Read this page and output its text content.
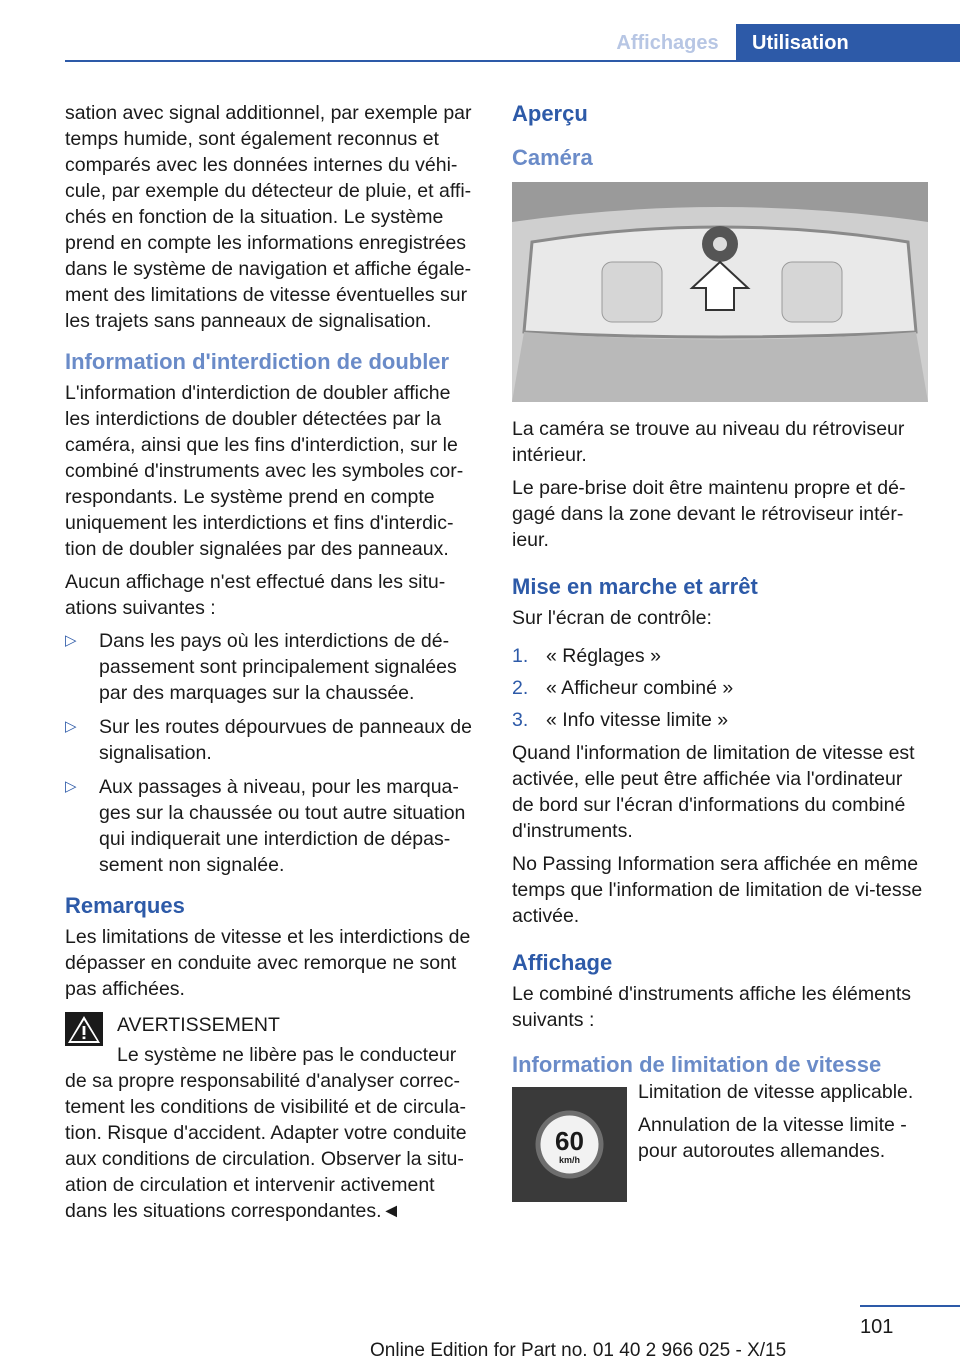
Affichages	Utilisation

sation avec signal additionnel, par exemple par temps humide, sont également reconnus et comparés avec les données internes du véhi‐cule, par exemple du détecteur de pluie, et affi‐chés en fonction de la situation. Le système prend en compte les informations enregistrées dans le système de navigation et affiche égale‐ment des limitations de vitesse éventuelles sur les trajets sans panneaux de signalisation.

Information d'interdiction de doubler

L'information d'interdiction de doubler affiche les interdictions de doubler détectées par la caméra, ainsi que les fins d'interdiction, sur le combiné d'instruments avec les symboles cor‐respondants. Le système prend en compte uniquement les interdictions et fins d'interdic‐tion de doubler signalées par des panneaux.

Aucun affichage n'est effectué dans les situ‐ations suivantes :

▷ Dans les pays où les interdictions de dé‐passement sont principalement signalées par des marquages sur la chaussée.
▷ Sur les routes dépourvues de panneaux de signalisation.
▷ Aux passages à niveau, pour les marqua‐ges sur la chaussée ou tout autre situation qui indiquerait une interdiction de dépas‐sement non signalée.
Remarques

Les limitations de vitesse et les interdictions de dépasser en conduite avec remorque ne sont pas affichées.

AVERTISSEMENT
Le système ne libère pas le conducteur de sa propre responsabilité d'analyser correc‐tement les conditions de visibilité et de circula‐tion. Risque d'accident. Adapter votre conduite aux conditions de circulation. Observer la situ‐ation de circulation et intervenir activement dans les situations correspondantes.◄
Aperçu
Caméra

La caméra se trouve au niveau du rétroviseur intérieur.

Le pare-brise doit être maintenu propre et dé‐gagé dans la zone devant le rétroviseur intér‐ieur.

Mise en marche et arrêt

Sur l'écran de contrôle:

1. « Réglages »
2. « Afficheur combiné »
3. « Info vitesse limite »

Quand l'information de limitation de vitesse est activée, elle peut être affichée via l'ordinateur de bord sur l'écran d'informations du combiné d'instruments.

No Passing Information sera affichée en même temps que l'information de limitation de vi‐tesse activée.

Affichage

Le combiné d'instruments affiche les éléments suivants :

Information de limitation de vitesse
60
km/h

Limitation de vitesse applicable.

Annulation de la vitesse limite - pour autoroutes allemandes.

101
Online Edition for Part no. 01 40 2 966 025 - X/15
